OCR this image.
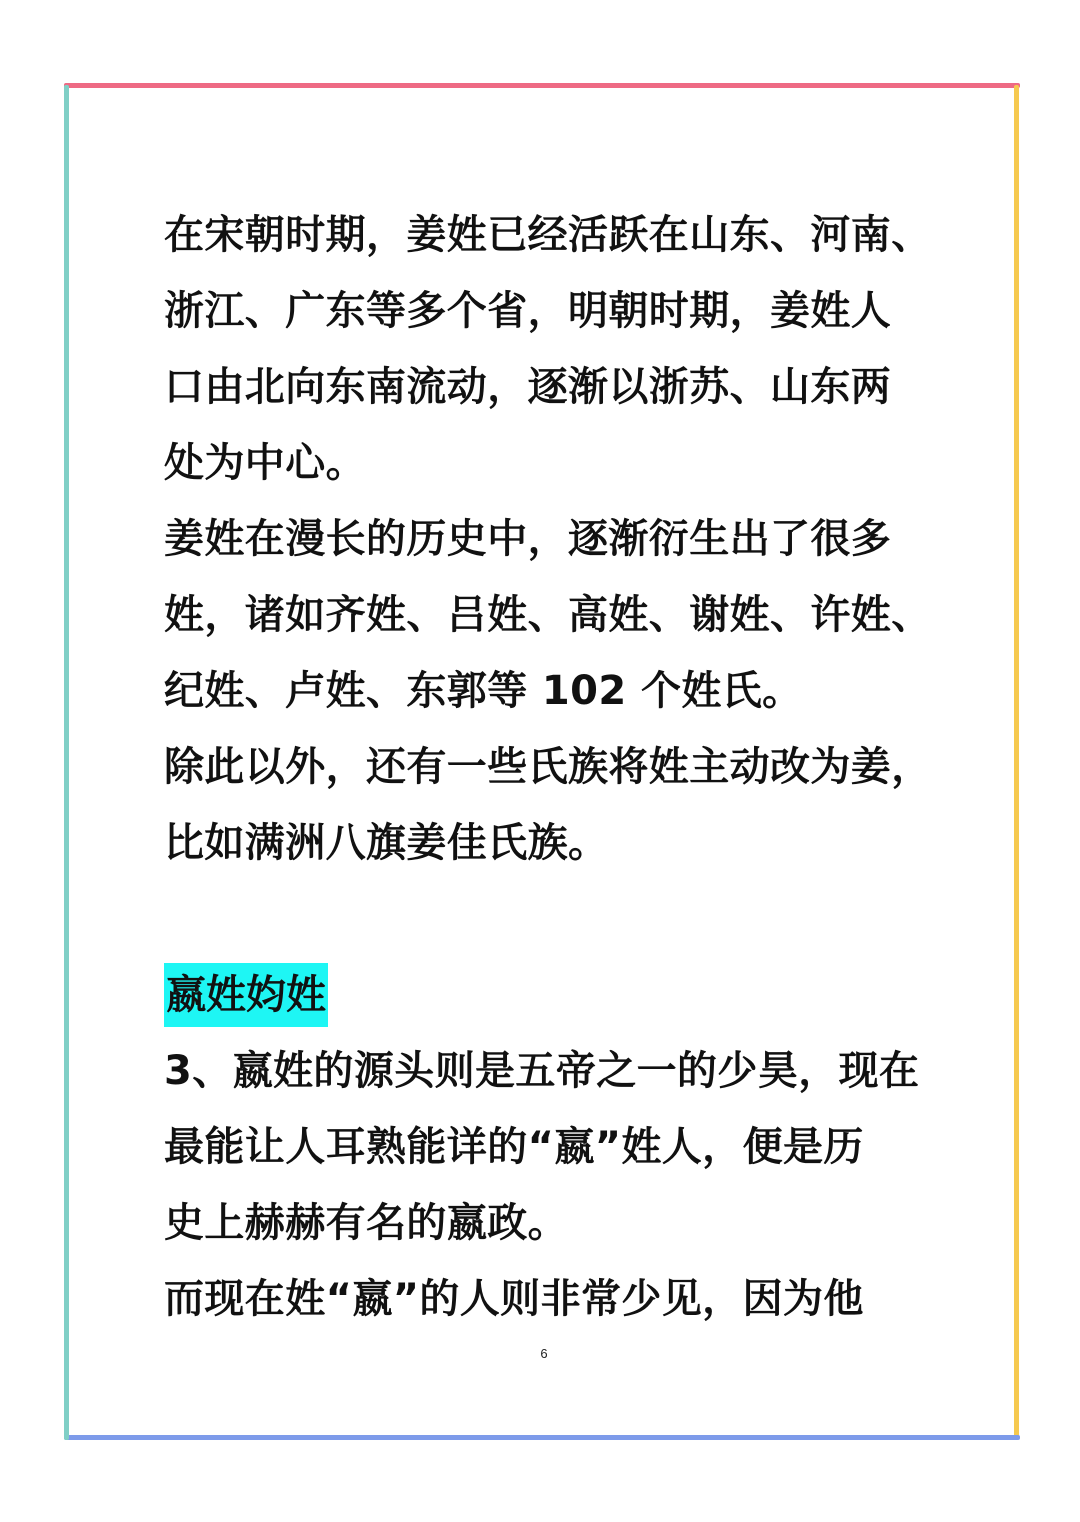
在宋朝时期，姜姓已经活跃在山东、河南、
浙江、广东等多个省，明朝时期，姜姓人
口由北向东南流动，逐渐以浙苏、山东两
处为中心。
姜姓在漫长的历史中，逐渐衍生出了很多
姓，诸如齐姓、吕姓、高姓、谢姓、许姓、
纪姓、卢姓、东郭等 102 个姓氏。
除此以外，还有一些氏族将姓主动改为姜，
比如满洲八旗姜佳氏族。
嬴姓㚬姓
3、嬴姓的源头则是五帝之一的少昊，现在
最能让人耳熟能详的“嬴”姓人，便是历
史上赫赫有名的嬴政。
而现在姓“嬴”的人则非常少见，因为他
6
